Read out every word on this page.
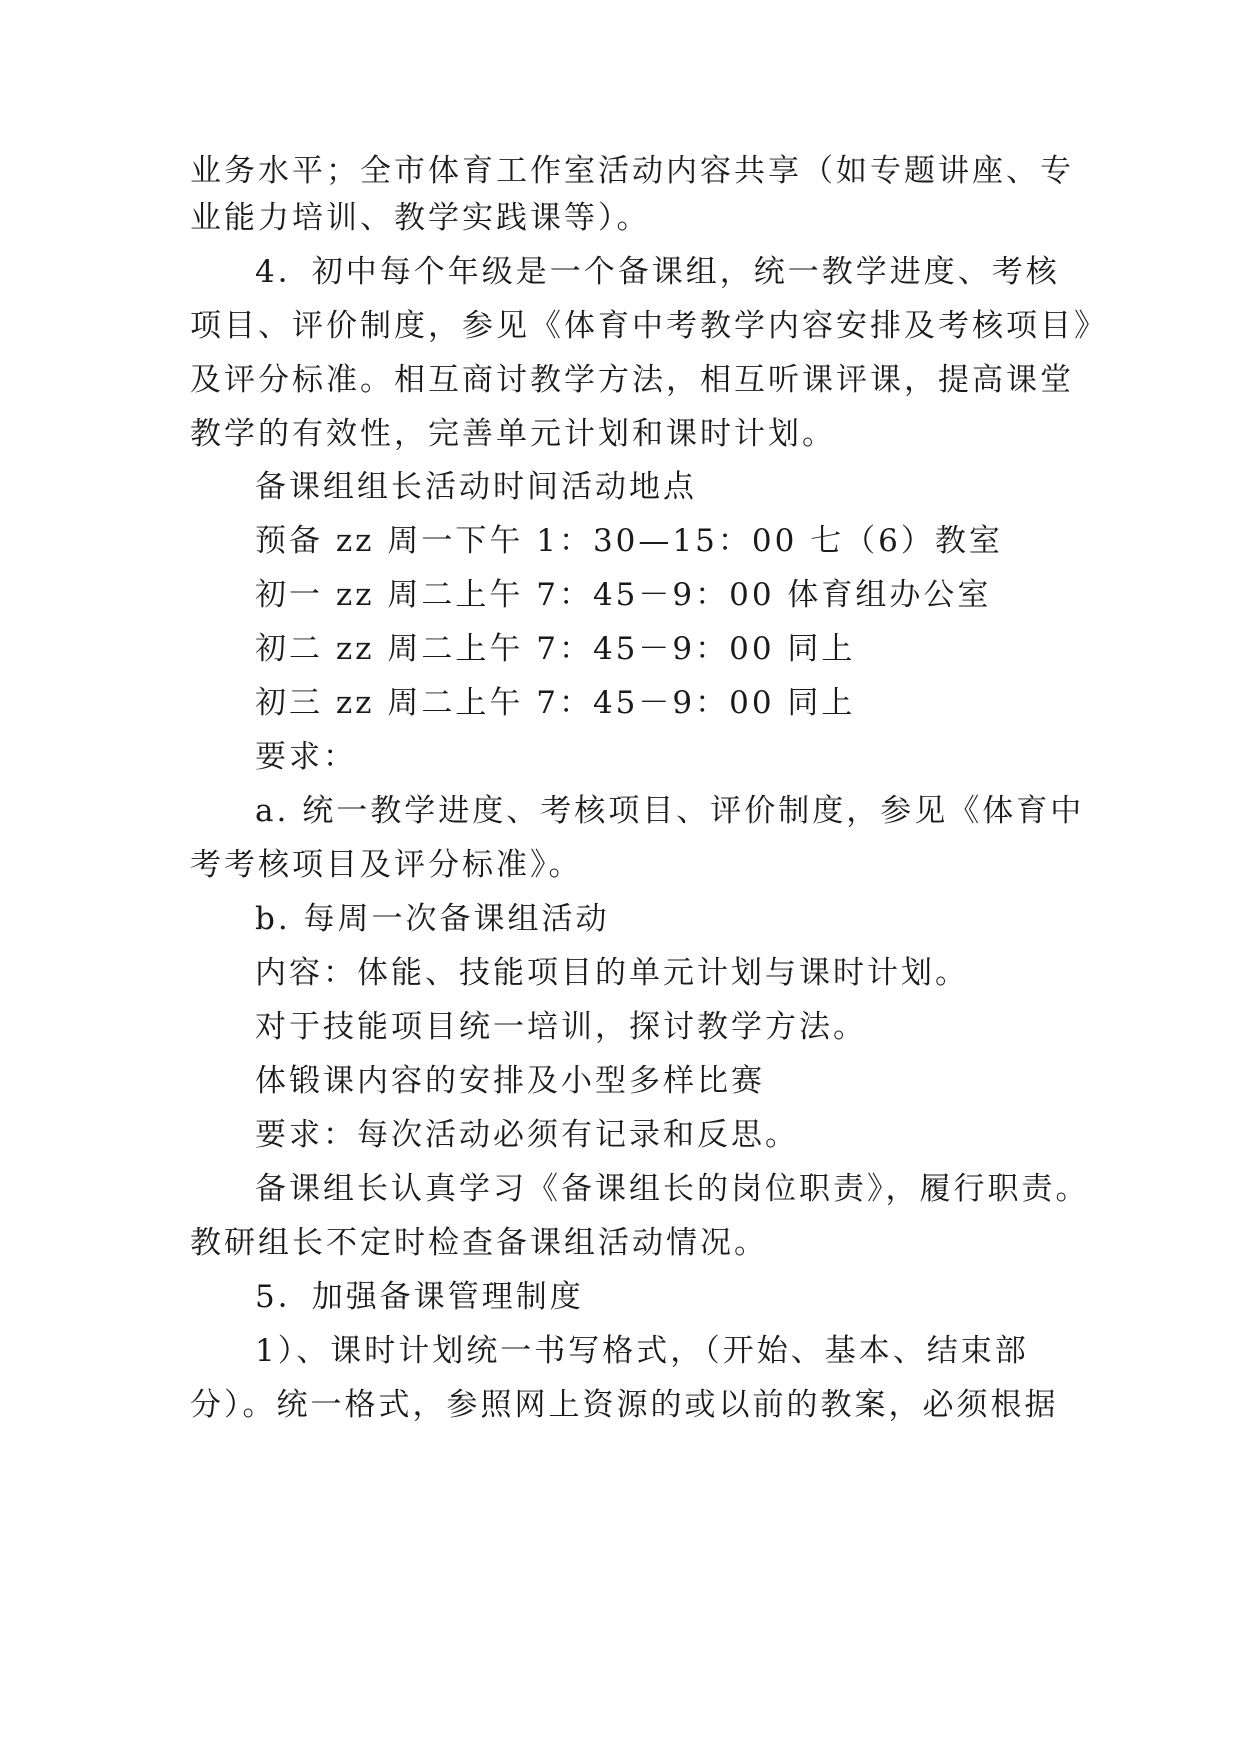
业务水平；全市体育工作室活动内容共享（如专题讲座、专
业能力培训、教学实践课等）。
4．初中每个年级是一个备课组，统一教学进度、考核
项目、评价制度，参见《体育中考教学内容安排及考核项目》
及评分标准。相互商讨教学方法，相互听课评课，提高课堂
教学的有效性，完善单元计划和课时计划。
备课组组长活动时间活动地点
预备 zz 周一下午 1：30—15：00 七（6）教室
初一 zz 周二上午 7：45－9：00 体育组办公室
初二 zz 周二上午 7：45－9：00 同上
初三 zz 周二上午 7：45－9：00 同上
要求：
a. 统一教学进度、考核项目、评价制度，参见《体育中
考考核项目及评分标准》。
b. 每周一次备课组活动
内容：体能、技能项目的单元计划与课时计划。
对于技能项目统一培训，探讨教学方法。
体锻课内容的安排及小型多样比赛
要求：每次活动必须有记录和反思。
备课组长认真学习《备课组长的岗位职责》，履行职责。
教研组长不定时检查备课组活动情况。
5．加强备课管理制度
1）、课时计划统一书写格式，（开始、基本、结束部
分）。统一格式，参照网上资源的或以前的教案，必须根据
